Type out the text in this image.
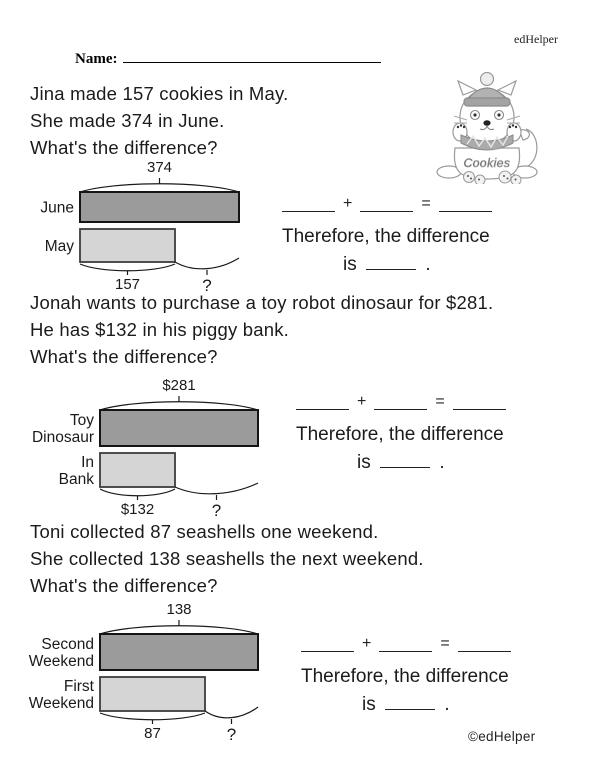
edHelper
Name:
Jina made 157 cookies in May.
She made 374 in June.
What's the difference?
Cookies
374
June
May
157	?
$281
Toy
Dinosaur
In
Bank
$132	?
138
Second
Weekend
First
Weekend
87	?
+	=
Therefore, the difference
is	.
Jonah wants to purchase a toy robot dinosaur for $281.
He has $132 in his piggy bank.
What's the difference?
+	=
Therefore, the difference
is	.
Toni collected 87 seashells one weekend.
She collected 138 seashells the next weekend.
What's the difference?
+	=
Therefore, the difference
is	.
©edHelper
